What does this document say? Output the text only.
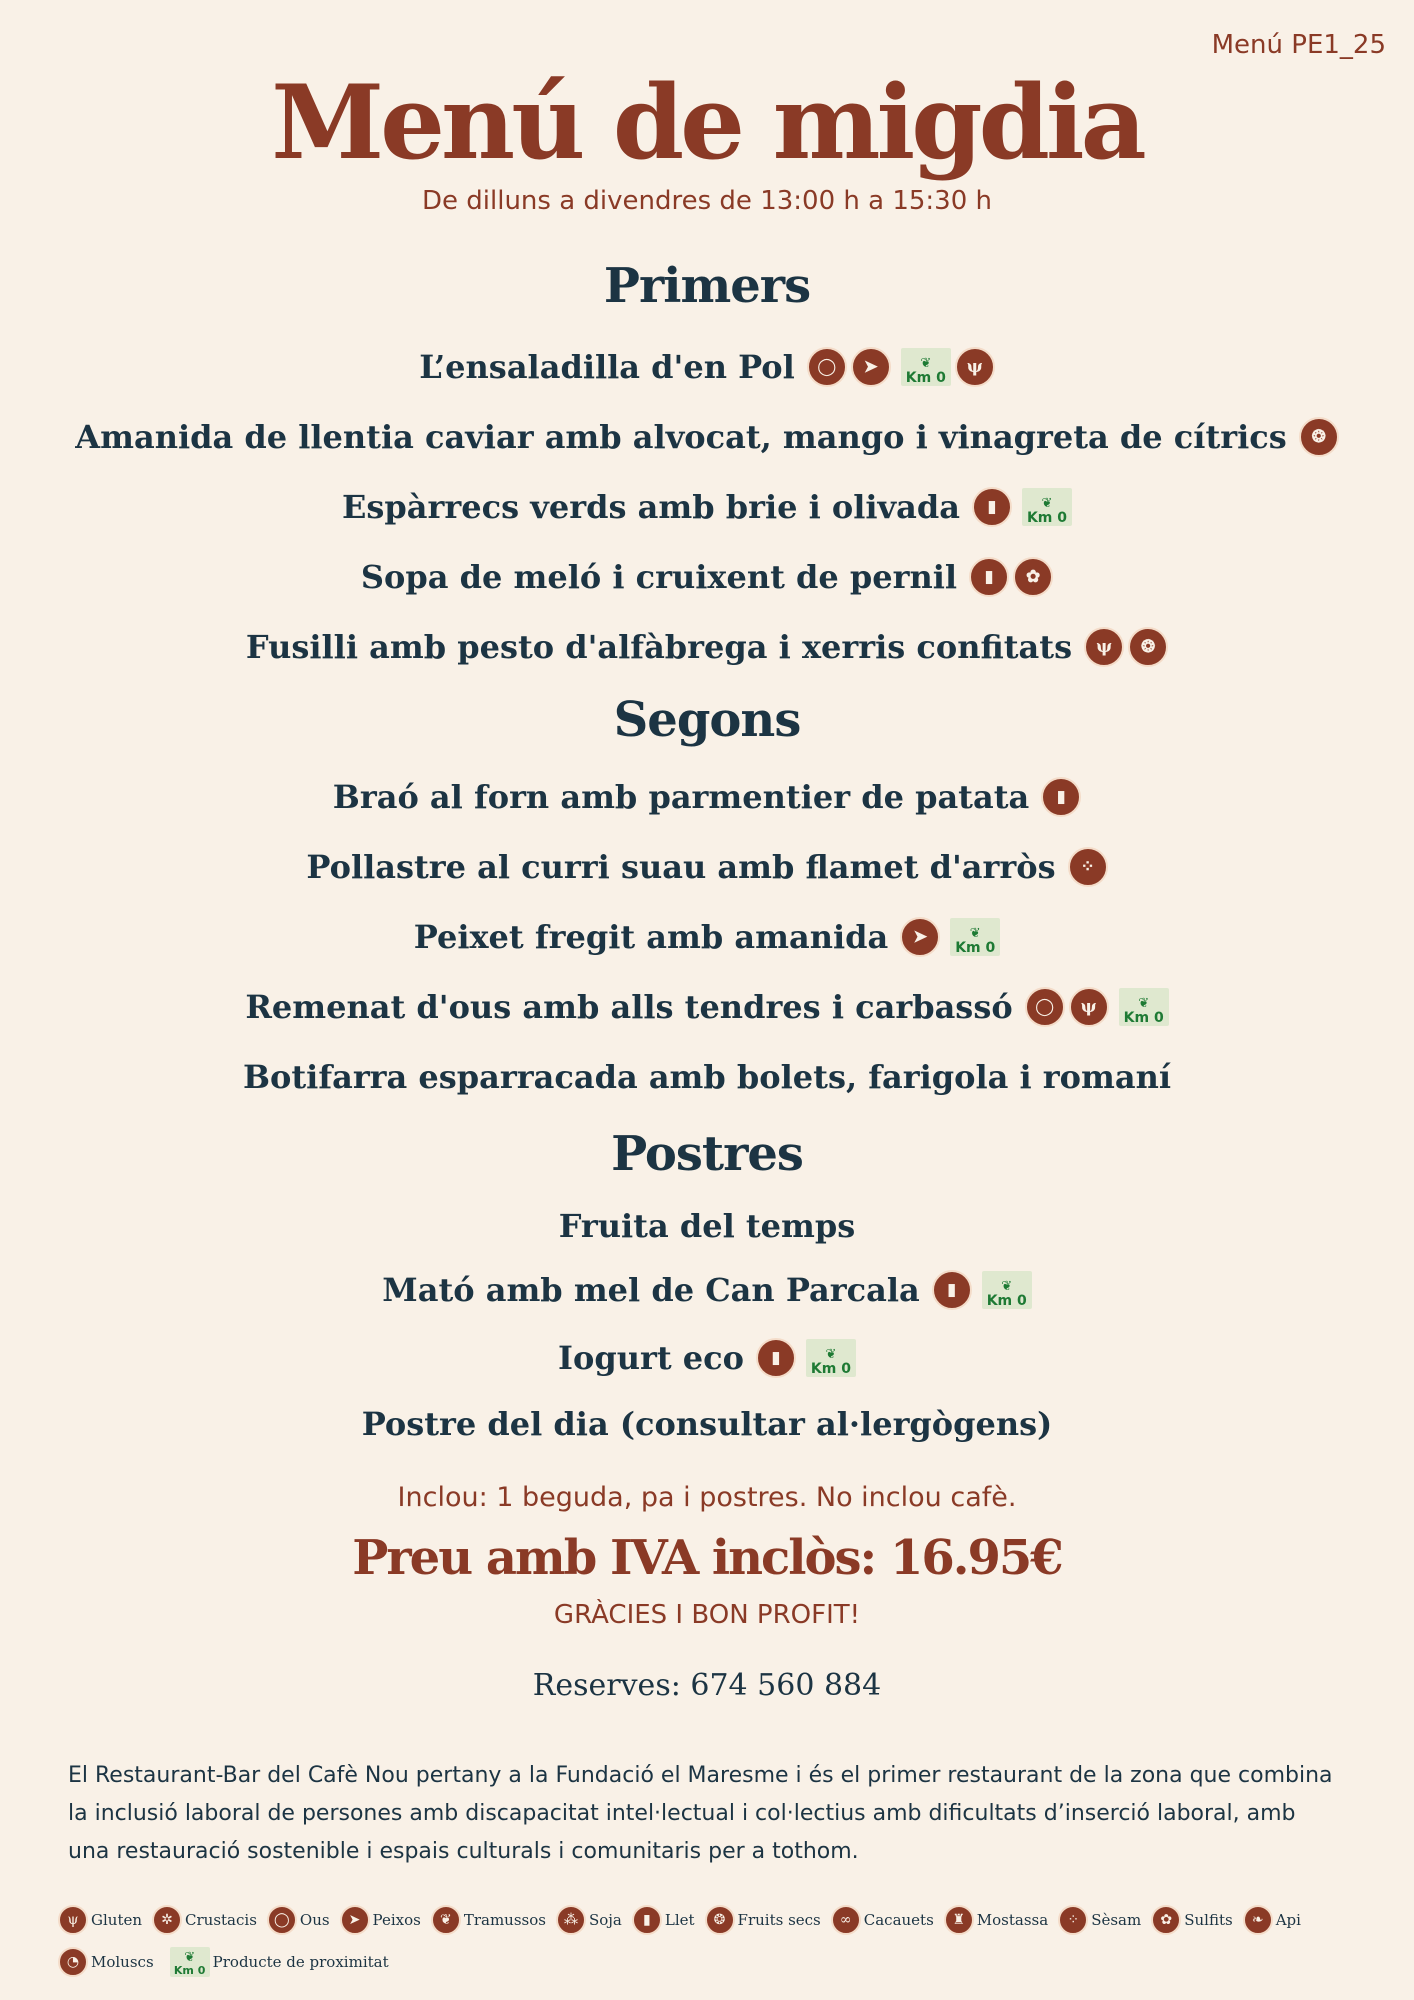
Menú PE1_25
Menú de migdia
De dilluns a divendres de 13:00 h a 15:30 h
Primers
L’ensaladilla d'en Pol	◯	➤	❦
Km 0
ψ
Amanida de llentia caviar amb alvocat, mango i vinagreta de cítrics	❂
Espàrrecs verds amb brie i olivada	▮	❦
Km 0
Sopa de meló i cruixent de pernil	▮	✿
Fusilli amb pesto d'alfàbrega i xerris confitats	ψ	❂
Segons
Braó al forn amb parmentier de patata	▮
Pollastre al curri suau amb flamet d'arròs	⁘
Peixet fregit amb amanida	➤	❦
Km 0
Remenat d'ous amb alls tendres i carbassó	◯	ψ	❦
Km 0
Botifarra esparracada amb bolets, farigola i romaní
Postres
Fruita del temps
Mató amb mel de Can Parcala	▮	❦
Km 0
Iogurt eco	▮	❦
Km 0
Postre del dia (consultar al·lergògens)
Inclou: 1 beguda, pa i postres. No inclou cafè.
Preu amb IVA inclòs: 16.95€
GRÀCIES I BON PROFIT!
Reserves: 674 560 884
El Restaurant-Bar del Cafè Nou pertany a la Fundació el Maresme i és el primer restaurant de la zona que combina la inclusió laboral de persones amb discapacitat intel·lectual i col·lectius amb dificultats d’inserció laboral, amb una restauració sostenible i espais culturals i comunitaris per a tothom.
ψ Gluten	✲ Crustacis	◯ Ous	➤ Peixos	❦ Tramussos	⁂ Soja	▮ Llet	❂ Fruits secs	∞ Cacauets	♜ Mostassa	⁘ Sèsam	✿ Sulfits	❧ Api
◔ Moluscs ❦
Km 0 Producte de proximitat
